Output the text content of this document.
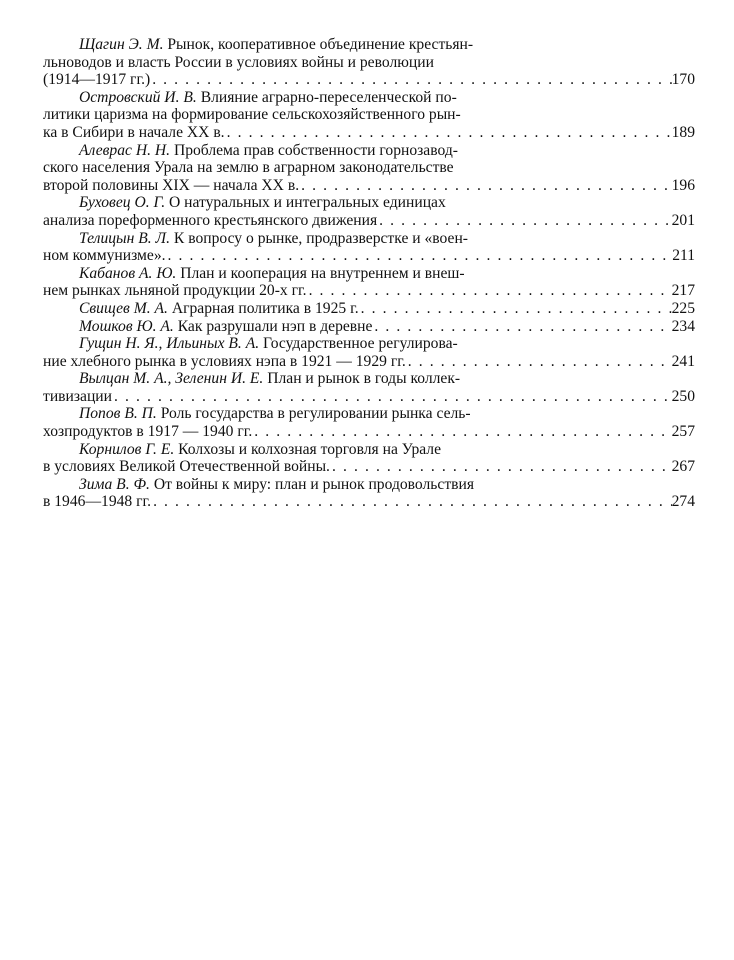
Щагин Э. М. Рынок, кооперативное объединение крестьян-
льноводов и власть России в условиях войны и революции
(1914—1917 гг.) . . .	170
Островский И. В. Влияние аграрно-переселенческой по-
литики царизма на формирование сельскохозяйственного рын-
ка в Сибири в начале XX в. . . .	189
Алеврас Н. Н. Проблема прав собственности горнозавод-
ского населения Урала на землю в аграрном законодательстве
второй половины XIX — начала XX в. . . .	196
Буховец О. Г. О натуральных и интегральных единицах
анализа пореформенного крестьянского движения . . .	201
Телицын В. Л. К вопросу о рынке, продразверстке и «воен-
ном коммунизме». . . .	211
Кабанов А. Ю. План и кооперация на внутреннем и внеш-
нем рынках льняной продукции 20-х гг. . . .	217
Свищев М. А. Аграрная политика в 1925 г. . . .	225
Мошков Ю. А. Как разрушали нэп в деревне . . .	234
Гущин Н. Я., Ильиных В. А. Государственное регулирова-
ние хлебного рынка в условиях нэпа в 1921 — 1929 гг. . . .	241
Вылцан М. А., Зеленин И. Е. План и рынок в годы коллек-
тивизации . . .	250
Попов В. П. Роль государства в регулировании рынка сель-
хозпродуктов в 1917 — 1940 гг. . . .	257
Корнилов Г. Е. Колхозы и колхозная торговля на Урале
в условиях Великой Отечественной войны. . . .	267
Зима В. Ф. От войны к миру: план и рынок продовольствия
в 1946—1948 гг. . . .	274
